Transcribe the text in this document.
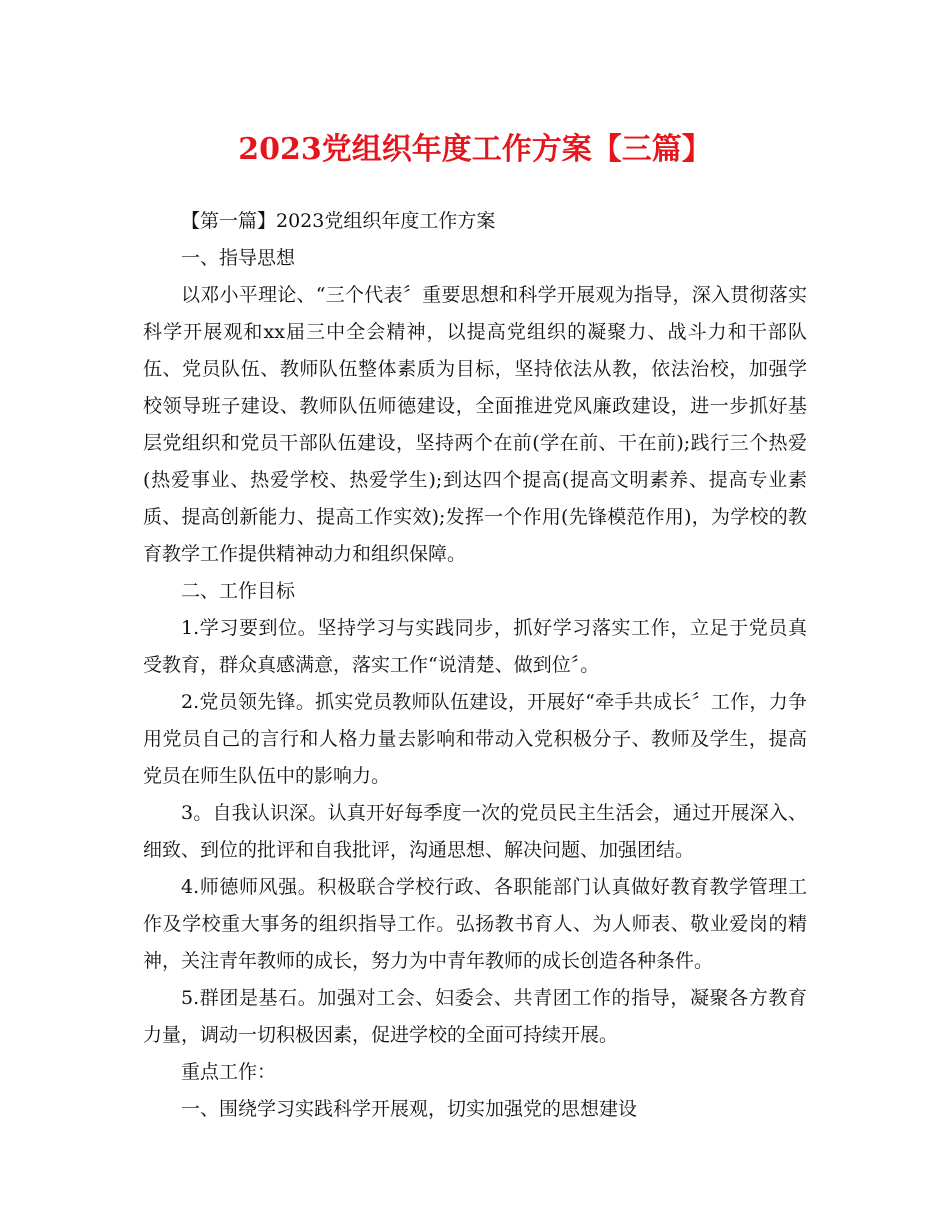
2023党组织年度工作方案【三篇】

【第一篇】2023党组织年度工作方案

一、指导思想

以邓小平理论、“三个代表〞重要思想和科学开展观为指导，深入贯彻落实科学开展观和xx届三中全会精神，以提高党组织的凝聚力、战斗力和干部队伍、党员队伍、教师队伍整体素质为目标，坚持依法从教，依法治校，加强学校领导班子建设、教师队伍师德建设，全面推进党风廉政建设，进一步抓好基层党组织和党员干部队伍建设，坚持两个在前(学在前、干在前);践行三个热爱(热爱事业、热爱学校、热爱学生);到达四个提高(提高文明素养、提高专业素质、提高创新能力、提高工作实效);发挥一个作用(先锋模范作用)，为学校的教育教学工作提供精神动力和组织保障。

二、工作目标

1.学习要到位。坚持学习与实践同步，抓好学习落实工作，立足于党员真受教育，群众真感满意，落实工作“说清楚、做到位〞。

2.党员领先锋。抓实党员教师队伍建设，开展好“牵手共成长〞工作，力争用党员自己的言行和人格力量去影响和带动入党积极分子、教师及学生，提高党员在师生队伍中的影响力。

3。自我认识深。认真开好每季度一次的党员民主生活会，通过开展深入、细致、到位的批评和自我批评，沟通思想、解决问题、加强团结。

4.师德师风强。积极联合学校行政、各职能部门认真做好教育教学管理工作及学校重大事务的组织指导工作。弘扬教书育人、为人师表、敬业爱岗的精神，关注青年教师的成长，努力为中青年教师的成长创造各种条件。

5.群团是基石。加强对工会、妇委会、共青团工作的指导，凝聚各方教育力量，调动一切积极因素，促进学校的全面可持续开展。

重点工作：

一、围绕学习实践科学开展观，切实加强党的思想建设
